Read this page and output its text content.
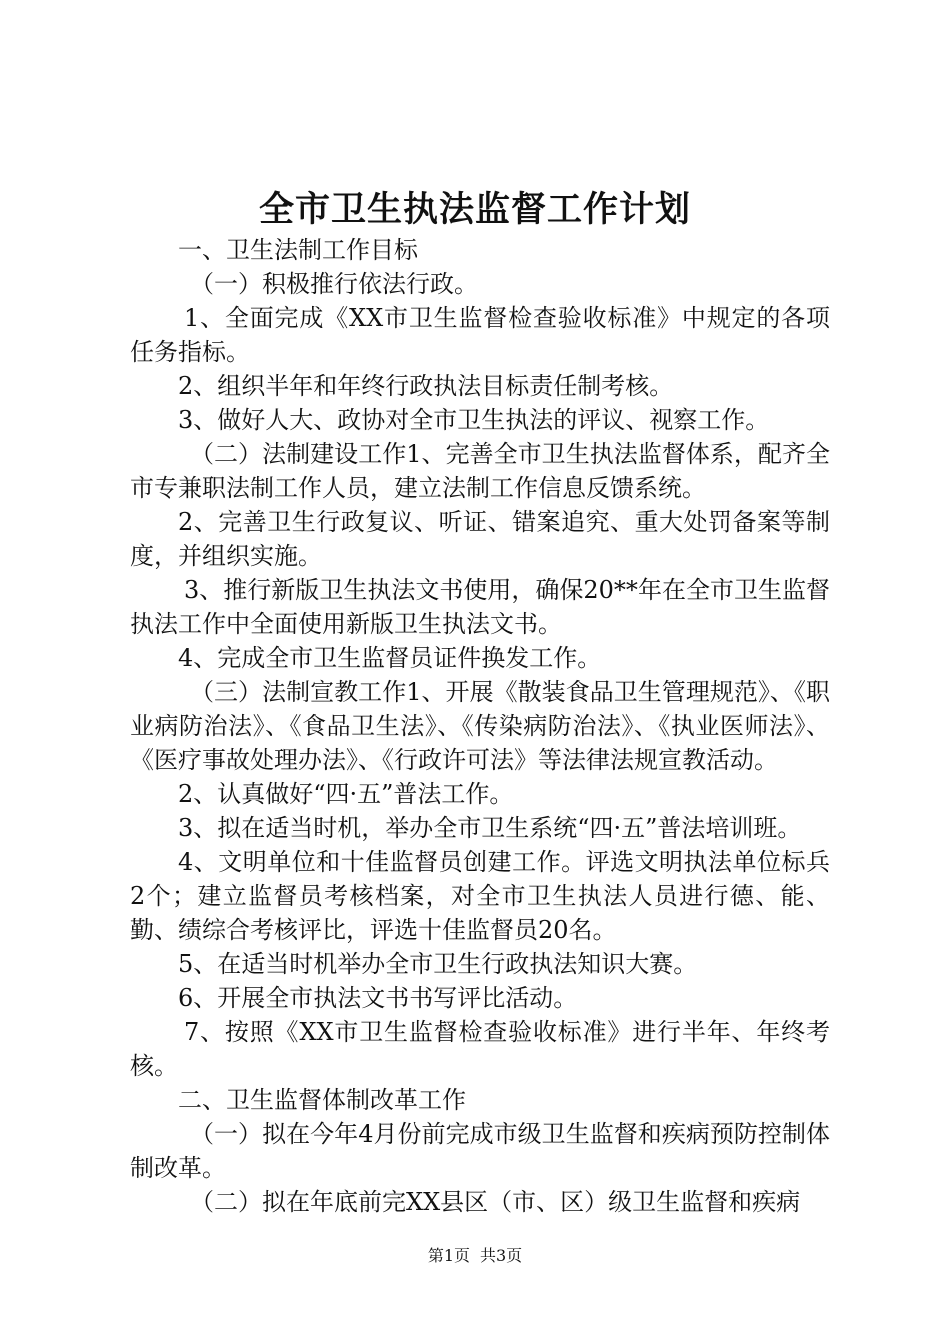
全市卫生执法监督工作计划

一、卫生法制工作目标

（一）积极推行依法行政。

1、全面完成《XX市卫生监督检查验收标准》中规定的各项任务指标。

2、组织半年和年终行政执法目标责任制考核。

3、做好人大、政协对全市卫生执法的评议、视察工作。

（二）法制建设工作1、完善全市卫生执法监督体系，配齐全市专兼职法制工作人员，建立法制工作信息反馈系统。

2、完善卫生行政复议、听证、错案追究、重大处罚备案等制度，并组织实施。

3、推行新版卫生执法文书使用，确保20**年在全市卫生监督执法工作中全面使用新版卫生执法文书。

4、完成全市卫生监督员证件换发工作。

（三）法制宣教工作1、开展《散装食品卫生管理规范》、《职业病防治法》、《食品卫生法》、《传染病防治法》、《执业医师法》、《医疗事故处理办法》、《行政许可法》等法律法规宣教活动。

2、认真做好“四·五”普法工作。

3、拟在适当时机，举办全市卫生系统“四·五”普法培训班。

4、文明单位和十佳监督员创建工作。评选文明执法单位标兵2个；建立监督员考核档案，对全市卫生执法人员进行德、能、勤、绩综合考核评比，评选十佳监督员20名。

5、在适当时机举办全市卫生行政执法知识大赛。

6、开展全市执法文书书写评比活动。

7、按照《XX市卫生监督检查验收标准》进行半年、年终考核。

二、卫生监督体制改革工作

（一）拟在今年4月份前完成市级卫生监督和疾病预防控制体制改革。

（二）拟在年底前完XX县区（市、区）级卫生监督和疾病

第1页 共3页
